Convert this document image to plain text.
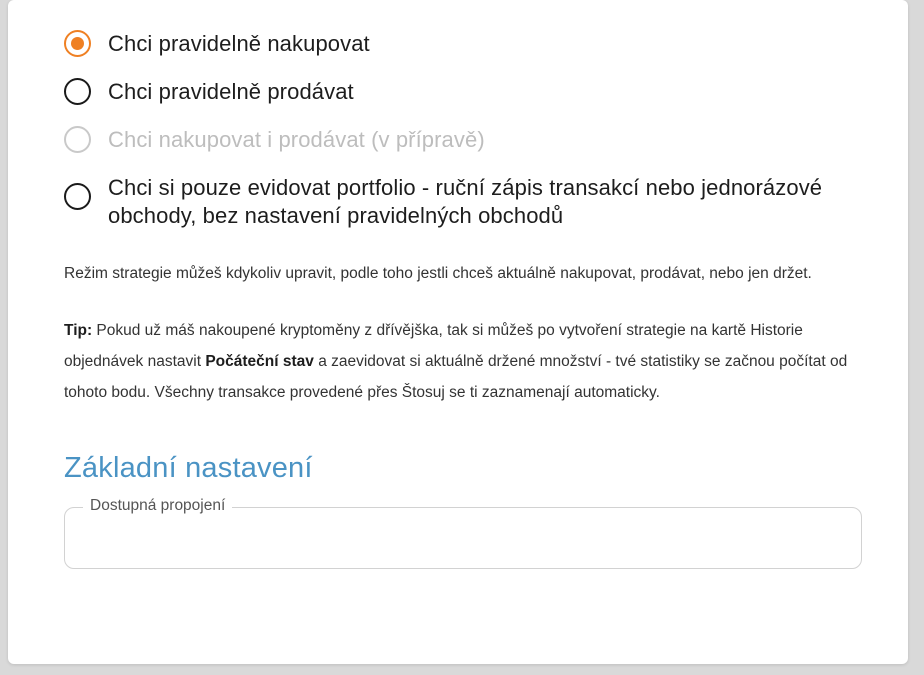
Chci pravidelně nakupovat
Chci pravidelně prodávat
Chci nakupovat i prodávat (v přípravě)
Chci si pouze evidovat portfolio - ruční zápis transakcí nebo jednorázové obchody, bez nastavení pravidelných obchodů

Režim strategie můžeš kdykoliv upravit, podle toho jestli chceš aktuálně nakupovat, prodávat, nebo jen držet.

Tip: Pokud už máš nakoupené kryptoměny z dřívějška, tak si můžeš po vytvoření strategie na kartě Historie objednávek nastavit Počáteční stav a zaevidovat si aktuálně držené množství - tvé statistiky se začnou počítat od tohoto bodu. Všechny transakce provedené přes Štosuj se ti zaznamenají automaticky.

Základní nastavení
Dostupná propojení
